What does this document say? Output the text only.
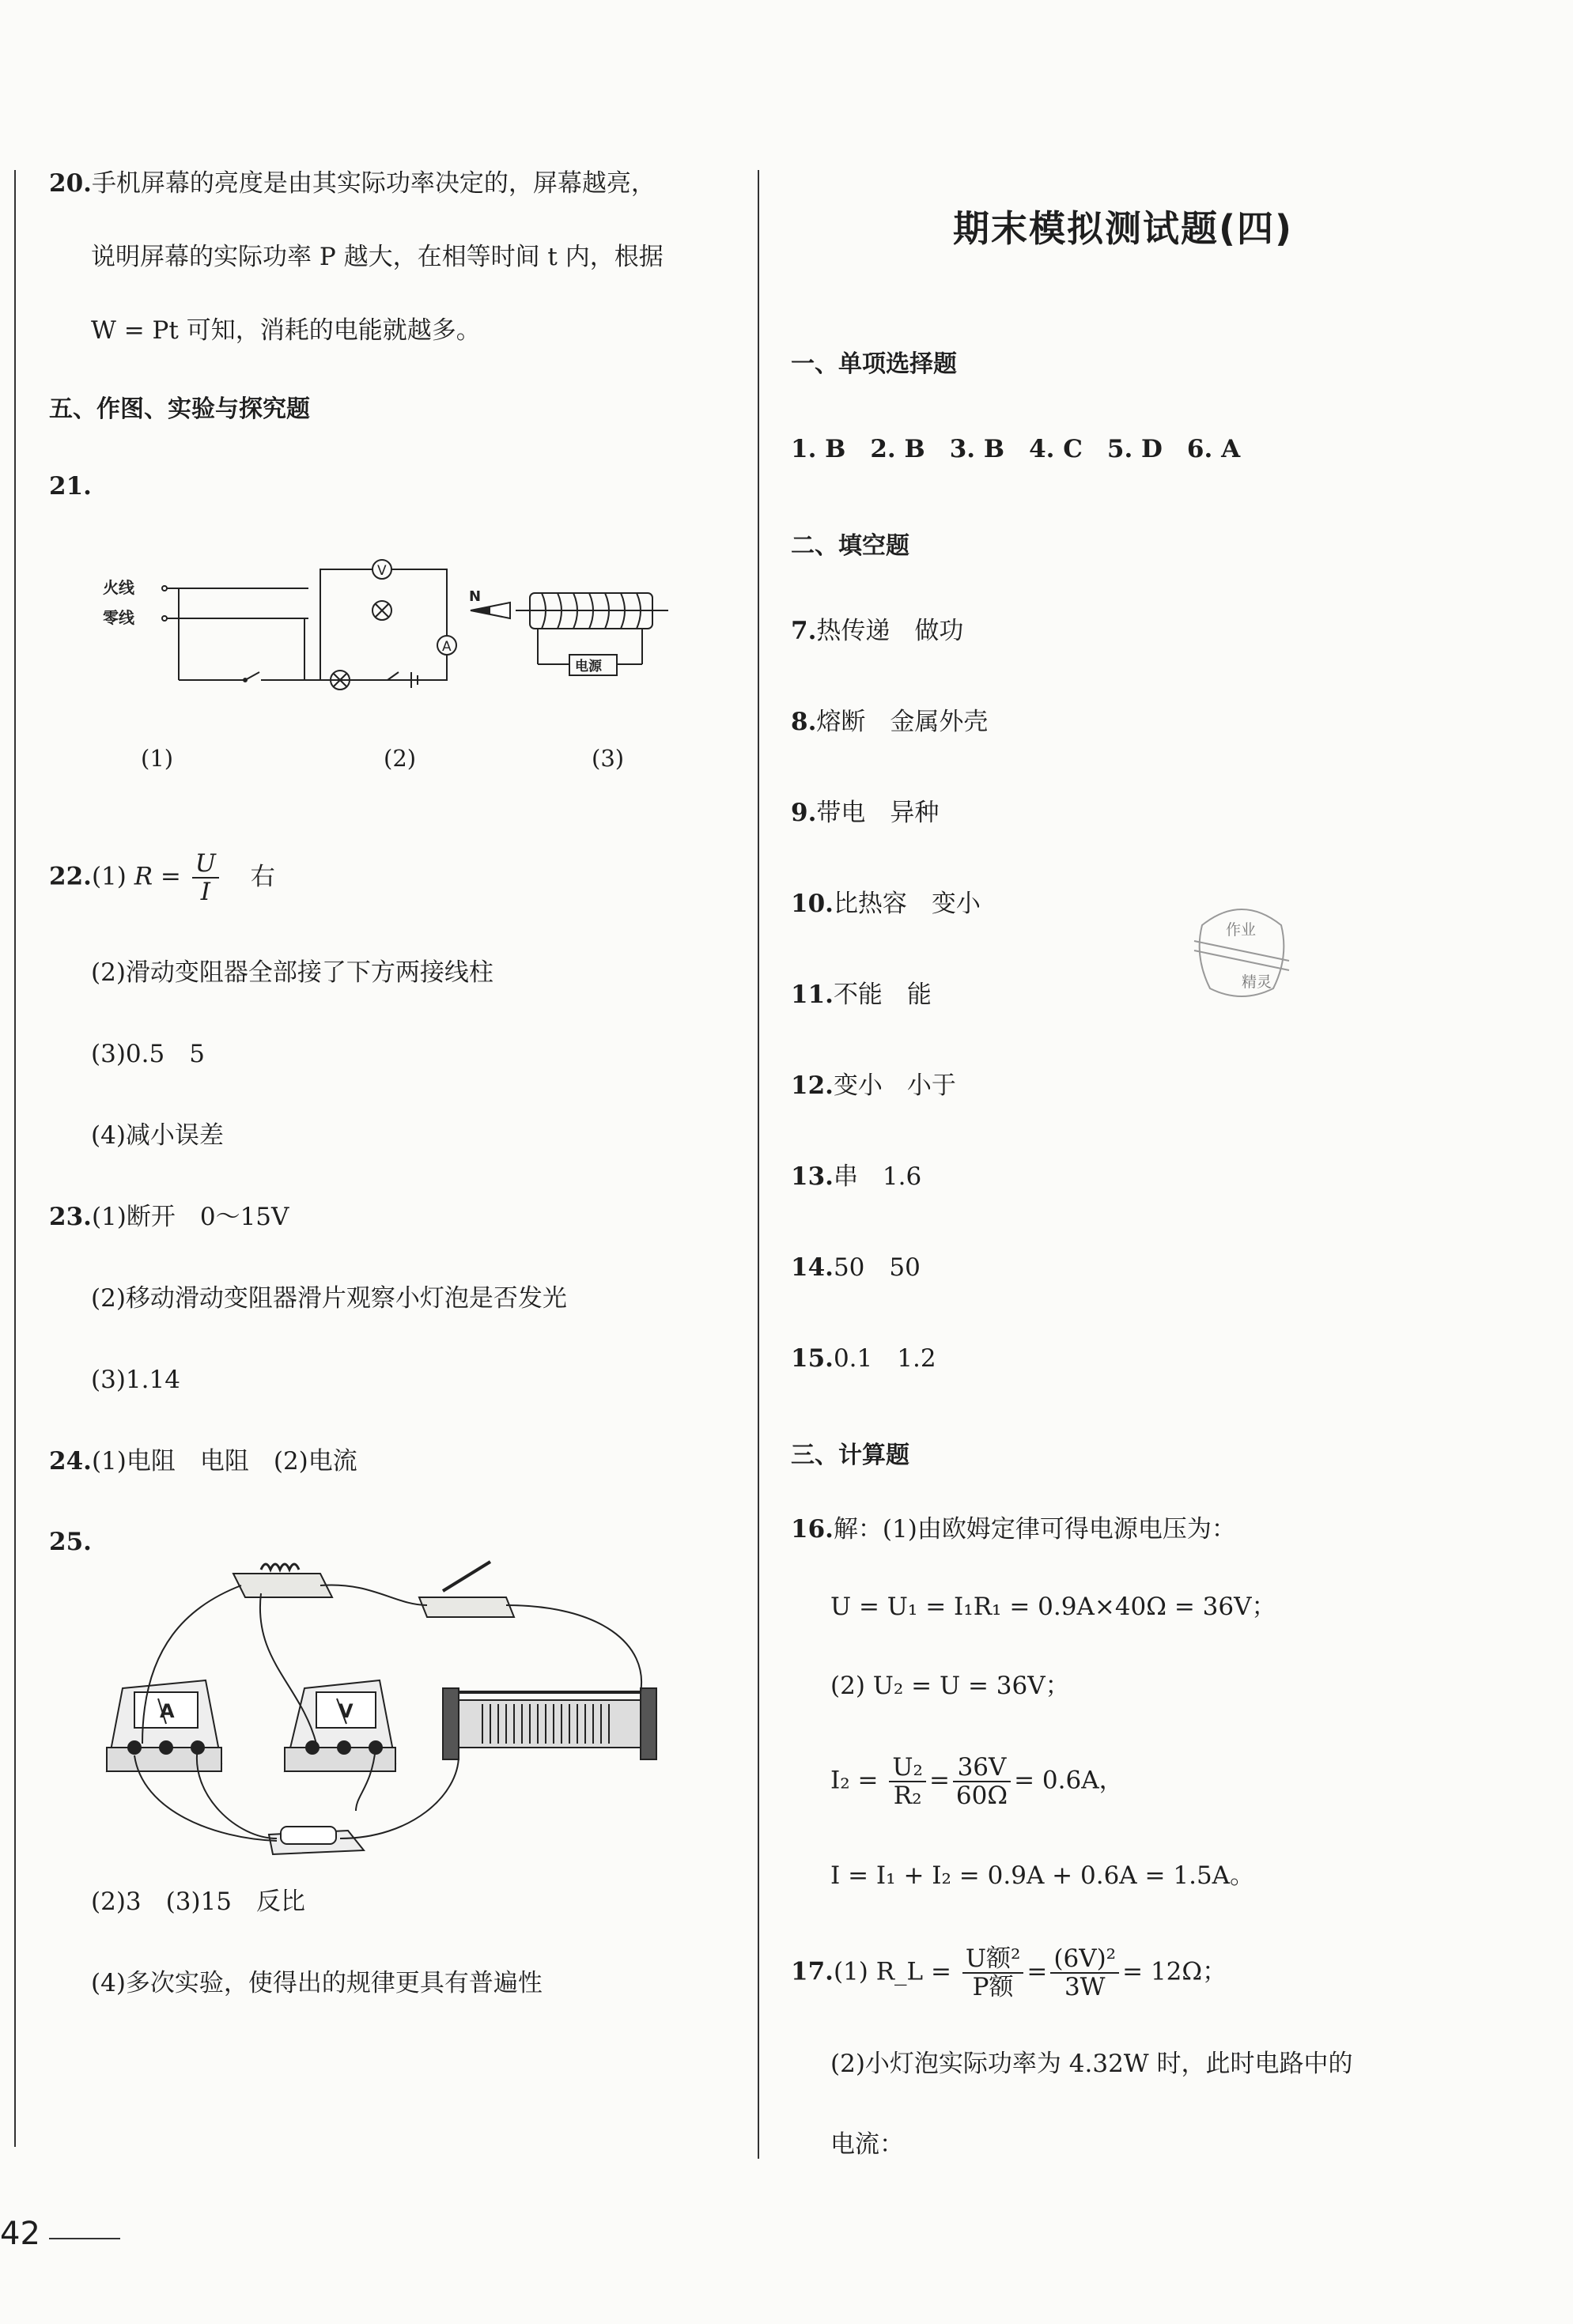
20.手机屏幕的亮度是由其实际功率决定的，屏幕越亮，
说明屏幕的实际功率 P 越大，在相等时间 t 内，根据
W = Pt 可知，消耗的电能就越多。
五、作图、实验与探究题
21.
火线
零线
V
A
N
电源
(1)	(2)	(3)
22.(1) $R = \frac{U}{I}$ 右
(2)滑动变阻器全部接了下方两接线柱
(3)0.5　5
(4)减小误差
23.(1)断开　0～15V
(2)移动滑动变阻器滑片观察小灯泡是否发光
(3)1.14
24.(1)电阻　电阻　(2)电流
25.
A	V
(2)3　(3)15　反比
(4)多次实验，使得出的规律更具有普遍性
42
期末模拟测试题(四)
一、单项选择题
1. B　2. B　3. B　4. C　5. D　6. A
二、填空题
7.热传递　做功
8.熔断　金属外壳
9.带电　异种
10.比热容　变小
11.不能　能
12.变小　小于
13.串　1.6
14.50　50
15.0.1　1.2
三、计算题
16.解：(1)由欧姆定律可得电源电压为：
U = U₁ = I₁R₁ = 0.9A×40Ω = 36V；
(2) U₂ = U = 36V；
$I_2 = \frac{\text{U₂}}{\text{R₂}} = \frac{36V}{60\Omega} = 0.6A$，
I = I₁ + I₂ = 0.9A + 0.6A = 1.5A。
17.(1) R_L = $\frac{\text{U额²}}{\text{P额}} = \frac{\text{(6V)²}}{3W} = 12\Omega$；
(2)小灯泡实际功率为 4.32W 时，此时电路中的
电流：
作业
精灵
